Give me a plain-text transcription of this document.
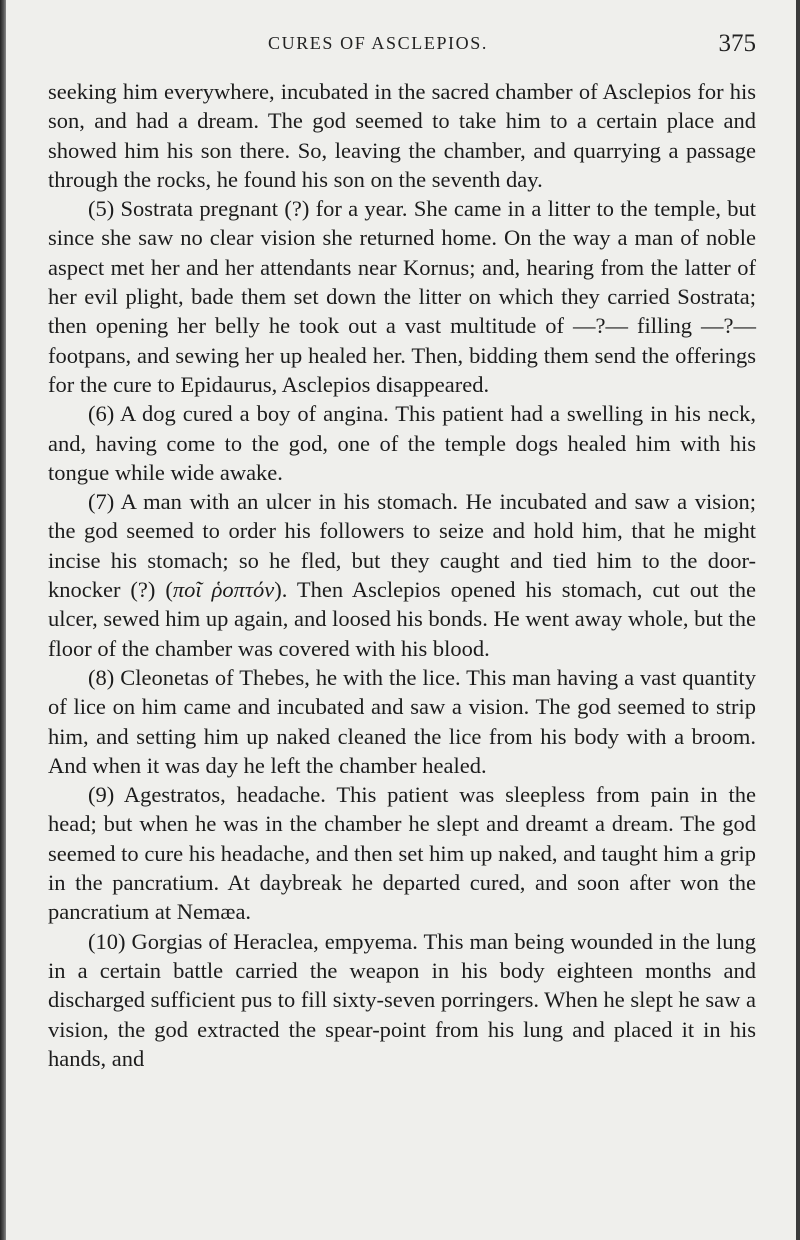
CURES OF ASCLEPIOS.	375

seeking him everywhere, incubated in the sacred chamber of Asclepios for his son, and had a dream. The god seemed to take him to a certain place and showed him his son there. So, leaving the chamber, and quarrying a passage through the rocks, he found his son on the seventh day.

(5) Sostrata pregnant (?) for a year. She came in a litter to the temple, but since she saw no clear vision she returned home. On the way a man of noble aspect met her and her attendants near Kornus; and, hearing from the latter of her evil plight, bade them set down the litter on which they carried Sostrata; then opening her belly he took out a vast multitude of —?— filling —?— footpans, and sewing her up healed her. Then, bidding them send the offerings for the cure to Epidaurus, Asclepios disappeared.

(6) A dog cured a boy of angina. This patient had a swelling in his neck, and, having come to the god, one of the temple dogs healed him with his tongue while wide awake.

(7) A man with an ulcer in his stomach. He incubated and saw a vision; the god seemed to order his followers to seize and hold him, that he might incise his stomach; so he fled, but they caught and tied him to the door-knocker (?) (ποῖ ῥοπτόν). Then Asclepios opened his stomach, cut out the ulcer, sewed him up again, and loosed his bonds. He went away whole, but the floor of the chamber was covered with his blood.

(8) Cleonetas of Thebes, he with the lice. This man having a vast quantity of lice on him came and incubated and saw a vision. The god seemed to strip him, and setting him up naked cleaned the lice from his body with a broom. And when it was day he left the chamber healed.

(9) Agestratos, headache. This patient was sleepless from pain in the head; but when he was in the chamber he slept and dreamt a dream. The god seemed to cure his headache, and then set him up naked, and taught him a grip in the pancratium. At daybreak he departed cured, and soon after won the pancratium at Nemæa.

(10) Gorgias of Heraclea, empyema. This man being wounded in the lung in a certain battle carried the weapon in his body eighteen months and discharged sufficient pus to fill sixty-seven porringers. When he slept he saw a vision, the god extracted the spear-point from his lung and placed it in his hands, and
